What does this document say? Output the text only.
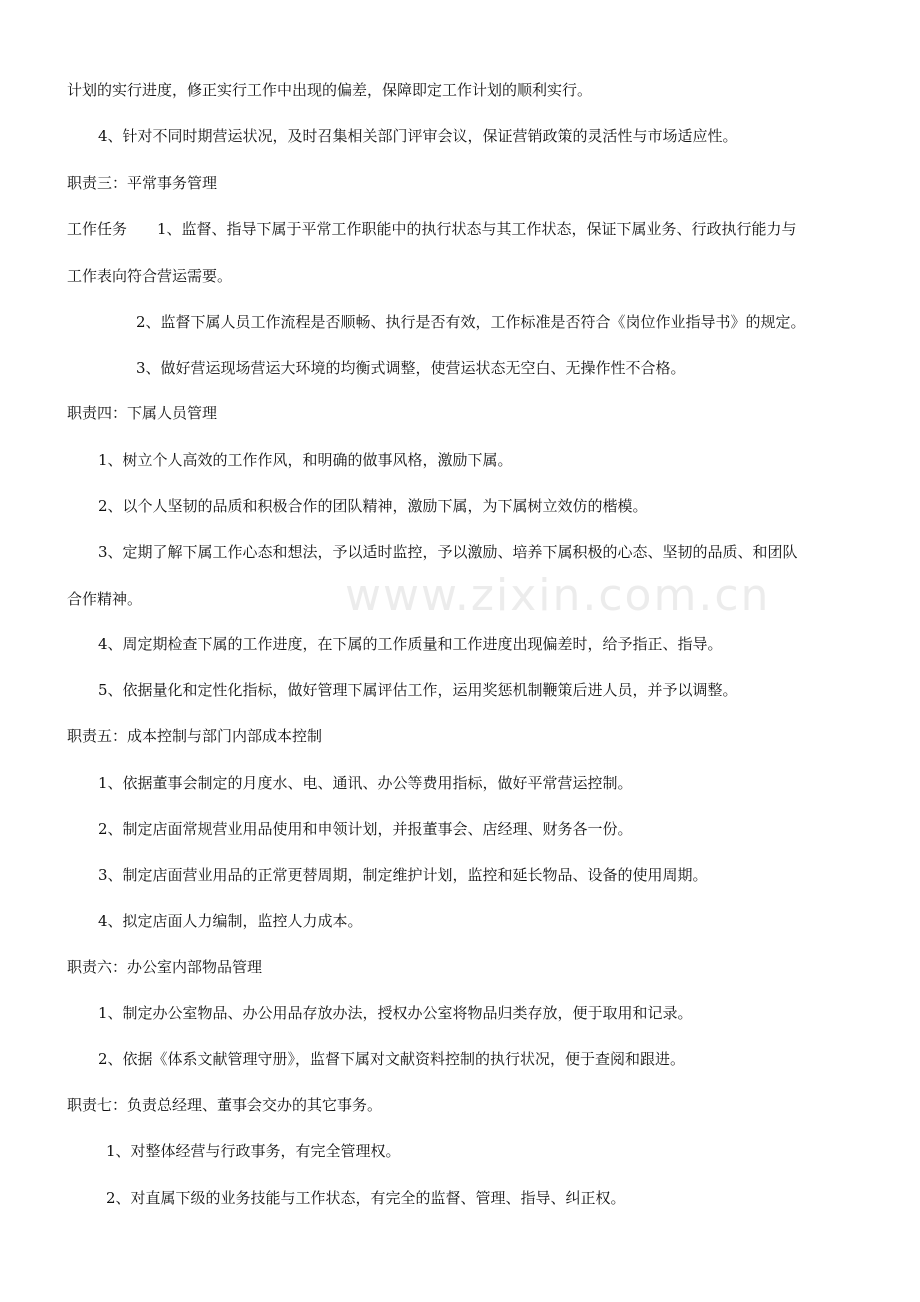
www.zixin.com.cn
计划的实行进度，修正实行工作中出现的偏差，保障即定工作计划的顺利实行。
4、针对不同时期营运状况，及时召集相关部门评审会议，保证营销政策的灵活性与市场适应性。
职责三：平常事务管理
工作任务　　1、监督、指导下属于平常工作职能中的执行状态与其工作状态，保证下属业务、行政执行能力与
工作表向符合营运需要。
2、监督下属人员工作流程是否顺畅、执行是否有效，工作标准是否符合《岗位作业指导书》的规定。
3、做好营运现场营运大环境的均衡式调整，使营运状态无空白、无操作性不合格。
职责四：下属人员管理
1、树立个人高效的工作作风，和明确的做事风格，激励下属。
2、以个人坚韧的品质和积极合作的团队精神，激励下属，为下属树立效仿的楷模。
3、定期了解下属工作心态和想法，予以适时监控，予以激励、培养下属积极的心态、坚韧的品质、和团队
合作精神。
4、周定期检查下属的工作进度，在下属的工作质量和工作进度出现偏差时，给予指正、指导。
5、依据量化和定性化指标，做好管理下属评估工作，运用奖惩机制鞭策后进人员，并予以调整。
职责五：成本控制与部门内部成本控制
1、依据董事会制定的月度水、电、通讯、办公等费用指标，做好平常营运控制。
2、制定店面常规营业用品使用和申领计划，并报董事会、店经理、财务各一份。
3、制定店面营业用品的正常更替周期，制定维护计划，监控和延长物品、设备的使用周期。
4、拟定店面人力编制，监控人力成本。
职责六：办公室内部物品管理
1、制定办公室物品、办公用品存放办法，授权办公室将物品归类存放，便于取用和记录。
2、依据《体系文献管理守册》，监督下属对文献资料控制的执行状况，便于查阅和跟进。
职责七：负责总经理、董事会交办的其它事务。
1、对整体经营与行政事务，有完全管理权。
2、对直属下级的业务技能与工作状态，有完全的监督、管理、指导、纠正权。
